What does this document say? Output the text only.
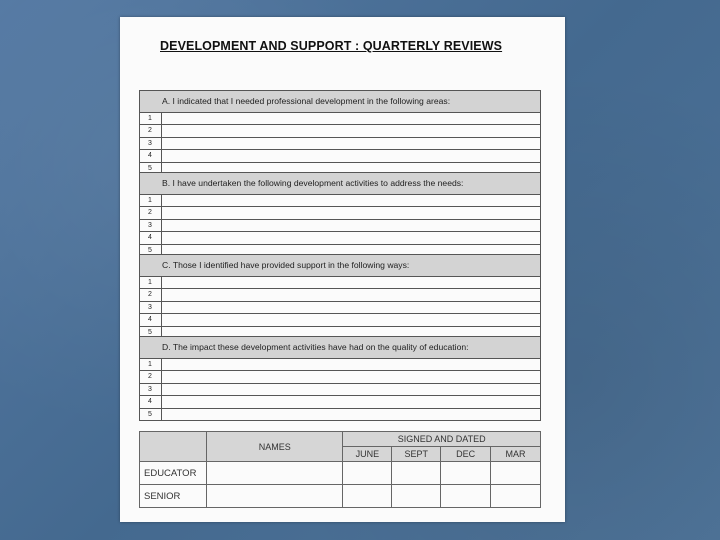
DEVELOPMENT AND SUPPORT : QUARTERLY REVIEWS
A. I indicated that I needed professional development in the following areas:
1
2
3
4
5
B. I have undertaken the following development activities to address the needs:
1
2
3
4
5
C. Those I identified have provided support in the following ways:
1
2
3
4
5
D. The impact these development activities have had on the quality of education:
1
2
3
4
5
	NAMES	SIGNED AND DATED			
		JUNE	SEPT	DEC	MAR
EDUCATOR					
SENIOR					
